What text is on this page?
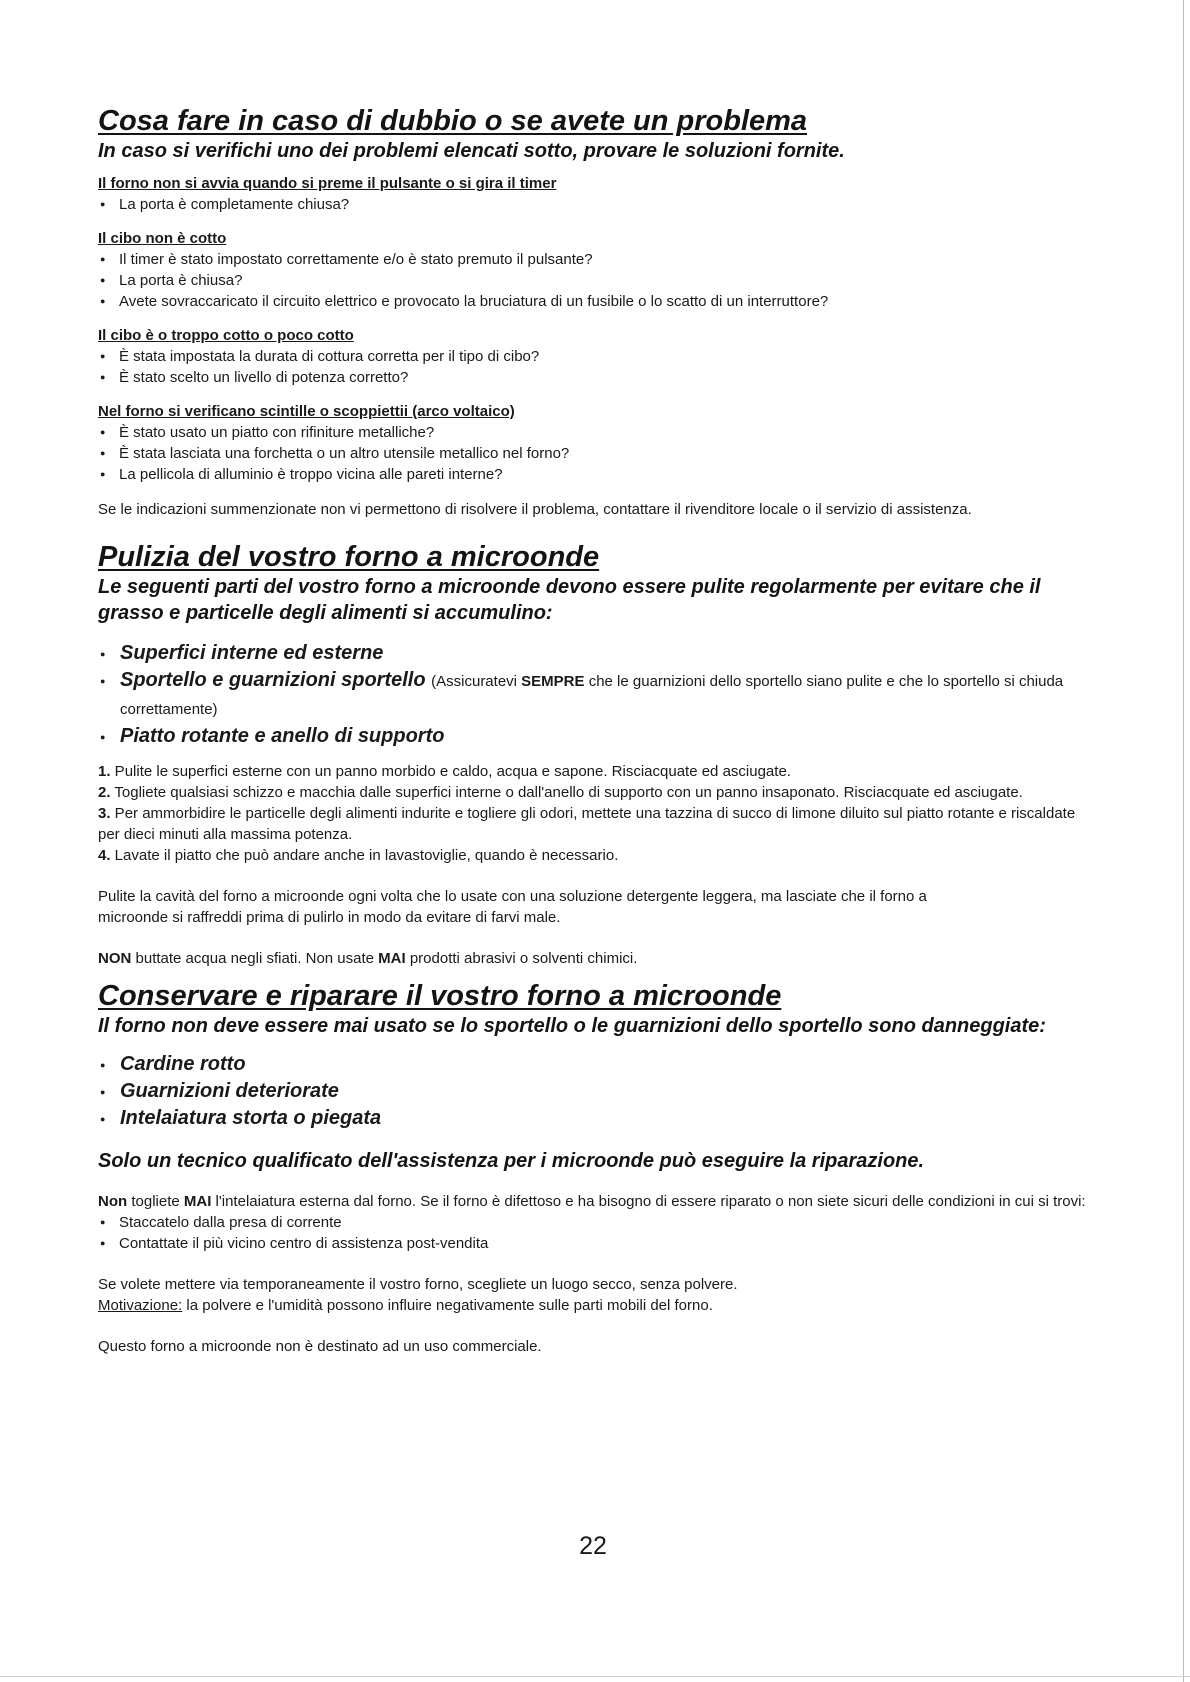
Cosa fare in caso di dubbio o se avete un problema

In caso si verifichi uno dei problemi elencati sotto, provare le soluzioni fornite.

Il forno non si avvia quando si preme il pulsante o si gira il timer

● La porta è completamente chiusa?

Il cibo non è cotto

● Il timer è stato impostato correttamente e/o è stato premuto il pulsante?
● La porta è chiusa?
● Avete sovraccaricato il circuito elettrico e provocato la bruciatura di un fusibile o lo scatto di un interruttore?

Il cibo è o troppo cotto o poco cotto

● È stata impostata la durata di cottura corretta per il tipo di cibo?
● È stato scelto un livello di potenza corretto?

Nel forno si verificano scintille o scoppiettii (arco voltaico)

● È stato usato un piatto con rifiniture metalliche?
● È stata lasciata una forchetta o un altro utensile metallico nel forno?
● La pellicola di alluminio è troppo vicina alle pareti interne?

Se le indicazioni summenzionate non vi permettono di risolvere il problema, contattare il rivenditore locale o il servizio di assistenza.

Pulizia del vostro forno a microonde

Le seguenti parti del vostro forno a microonde devono essere pulite regolarmente per evitare che il grasso e particelle degli alimenti si accumulino:

● Superfici interne ed esterne
● Sportello e guarnizioni sportello (Assicuratevi SEMPRE che le guarnizioni dello sportello siano pulite e che lo sportello si chiuda correttamente)
● Piatto rotante e anello di supporto
1. Pulite le superfici esterne con un panno morbido e caldo, acqua e sapone. Risciacquate ed asciugate.
2. Togliete qualsiasi schizzo e macchia dalle superfici interne o dall'anello di supporto con un panno insaponato. Risciacquate ed asciugate.
3. Per ammorbidire le particelle degli alimenti indurite e togliere gli odori, mettete una tazzina di succo di limone diluito sul piatto rotante e riscaldate per dieci minuti alla massima potenza.
4. Lavate il piatto che può andare anche in lavastoviglie, quando è necessario.

Pulite la cavità del forno a microonde ogni volta che lo usate con una soluzione detergente leggera, ma lasciate che il forno a

microonde si raffreddi prima di pulirlo in modo da evitare di farvi male.

NON buttate acqua negli sfiati. Non usate MAI prodotti abrasivi o solventi chimici.

Conservare e riparare il vostro forno a microonde

Il forno non deve essere mai usato se lo sportello o le guarnizioni dello sportello sono danneggiate:

● Cardine rotto
● Guarnizioni deteriorate
● Intelaiatura storta o piegata

Solo un tecnico qualificato dell'assistenza per i microonde può eseguire la riparazione.

Non togliete MAI l'intelaiatura esterna dal forno. Se il forno è difettoso e ha bisogno di essere riparato o non siete sicuri delle condizioni in cui si trovi:

● Staccatelo dalla presa di corrente
● Contattate il più vicino centro di assistenza post-vendita

Se volete mettere via temporaneamente il vostro forno, scegliete un luogo secco, senza polvere.

Motivazione: la polvere e l'umidità possono influire negativamente sulle parti mobili del forno.

Questo forno a microonde non è destinato ad un uso commerciale.

22
